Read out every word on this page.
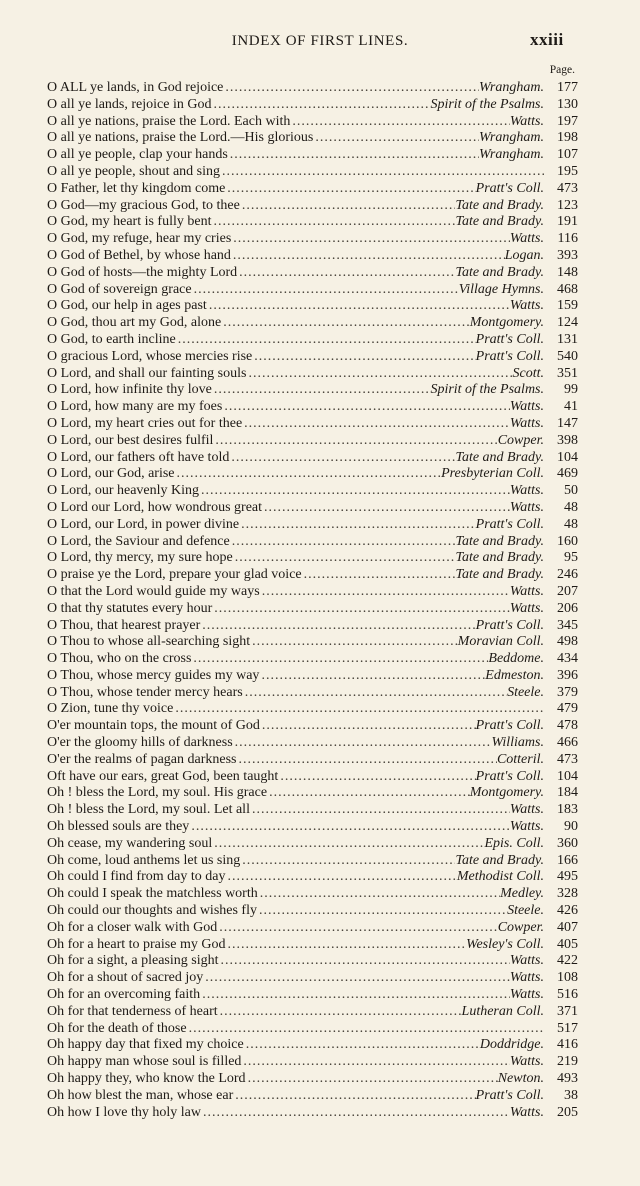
INDEX OF FIRST LINES.	xxiii
Page.
O ALL ye lands, in God rejoice .....	Wrangham. 177
O all ye lands, rejoice in God .....	Spirit of the Psalms. 130
O all ye nations, praise the Lord. Each with .....	Watts. 197
O all ye nations, praise the Lord.—His glorious .....	Wrangham. 198
O all ye people, clap your hands .....	Wrangham. 107
O all ye people, shout and sing .....	195
O Father, let thy kingdom come .....	Pratt's Coll. 473
O God—my gracious God, to thee .....	Tate and Brady. 123
O God, my heart is fully bent .....	Tate and Brady. 191
O God, my refuge, hear my cries .....	Watts. 116
O God of Bethel, by whose hand .....	Logan. 393
O God of hosts—the mighty Lord .....	Tate and Brady. 148
O God of sovereign grace .....	Village Hymns. 468
O God, our help in ages past .....	Watts. 159
O God, thou art my God, alone .....	Montgomery. 124
O God, to earth incline .....	Pratt's Coll. 131
O gracious Lord, whose mercies rise .....	Pratt's Coll. 540
O Lord, and shall our fainting souls .....	Scott. 351
O Lord, how infinite thy love .....	Spirit of the Psalms.	99
O Lord, how many are my foes .....	Watts.	41
O Lord, my heart cries out for thee .....	Watts. 147
O Lord, our best desires fulfil .....	Cowper. 398
O Lord, our fathers oft have told .....	Tate and Brady. 104
O Lord, our God, arise .....	Presbyterian Coll. 469
O Lord, our heavenly King .....	Watts.	50
O Lord our Lord, how wondrous great .....	Watts.	48
O Lord, our Lord, in power divine .....	Pratt's Coll.	48
O Lord, the Saviour and defence .....	Tate and Brady. 160
O Lord, thy mercy, my sure hope .....	Tate and Brady.	95
O praise ye the Lord, prepare your glad voice .....	Tate and Brady. 246
O that the Lord would guide my ways .....	Watts. 207
O that thy statutes every hour .....	Watts. 206
O Thou, that hearest prayer .....	Pratt's Coll. 345
O Thou to whose all-searching sight .....	Moravian Coll. 498
O Thou, who on the cross .....	Beddome. 434
O Thou, whose mercy guides my way .....	Edmeston. 396
O Thou, whose tender mercy hears .....	Steele. 379
O Zion, tune thy voice .....	479
O'er mountain tops, the mount of God .....	Pratt's Coll. 478
O'er the gloomy hills of darkness .....	Williams. 466
O'er the realms of pagan darkness .....	Cotteril. 473
Oft have our ears, great God, been taught .....	Pratt's Coll. 104
Oh ! bless the Lord, my soul. His grace .....	Montgomery. 184
Oh ! bless the Lord, my soul. Let all .....	Watts. 183
Oh blessed souls are they .....	Watts.	90
Oh cease, my wandering soul .....	Epis. Coll. 360
Oh come, loud anthems let us sing .....	Tate and Brady. 166
Oh could I find from day to day .....	Methodist Coll. 495
Oh could I speak the matchless worth .....	Medley. 328
Oh could our thoughts and wishes fly .....	Steele. 426
Oh for a closer walk with God .....	Cowper. 407
Oh for a heart to praise my God .....	Wesley's Coll. 405
Oh for a sight, a pleasing sight .....	Watts. 422
Oh for a shout of sacred joy .....	Watts. 108
Oh for an overcoming faith .....	Watts. 516
Oh for that tenderness of heart .....	Lutheran Coll. 371
Oh for the death of those .....	517
Oh happy day that fixed my choice .....	Doddridge. 416
Oh happy man whose soul is filled .....	Watts. 219
Oh happy they, who know the Lord .....	Newton. 493
Oh how blest the man, whose ear .....	Pratt's Coll.	38
Oh how I love thy holy law .....	Watts. 205
